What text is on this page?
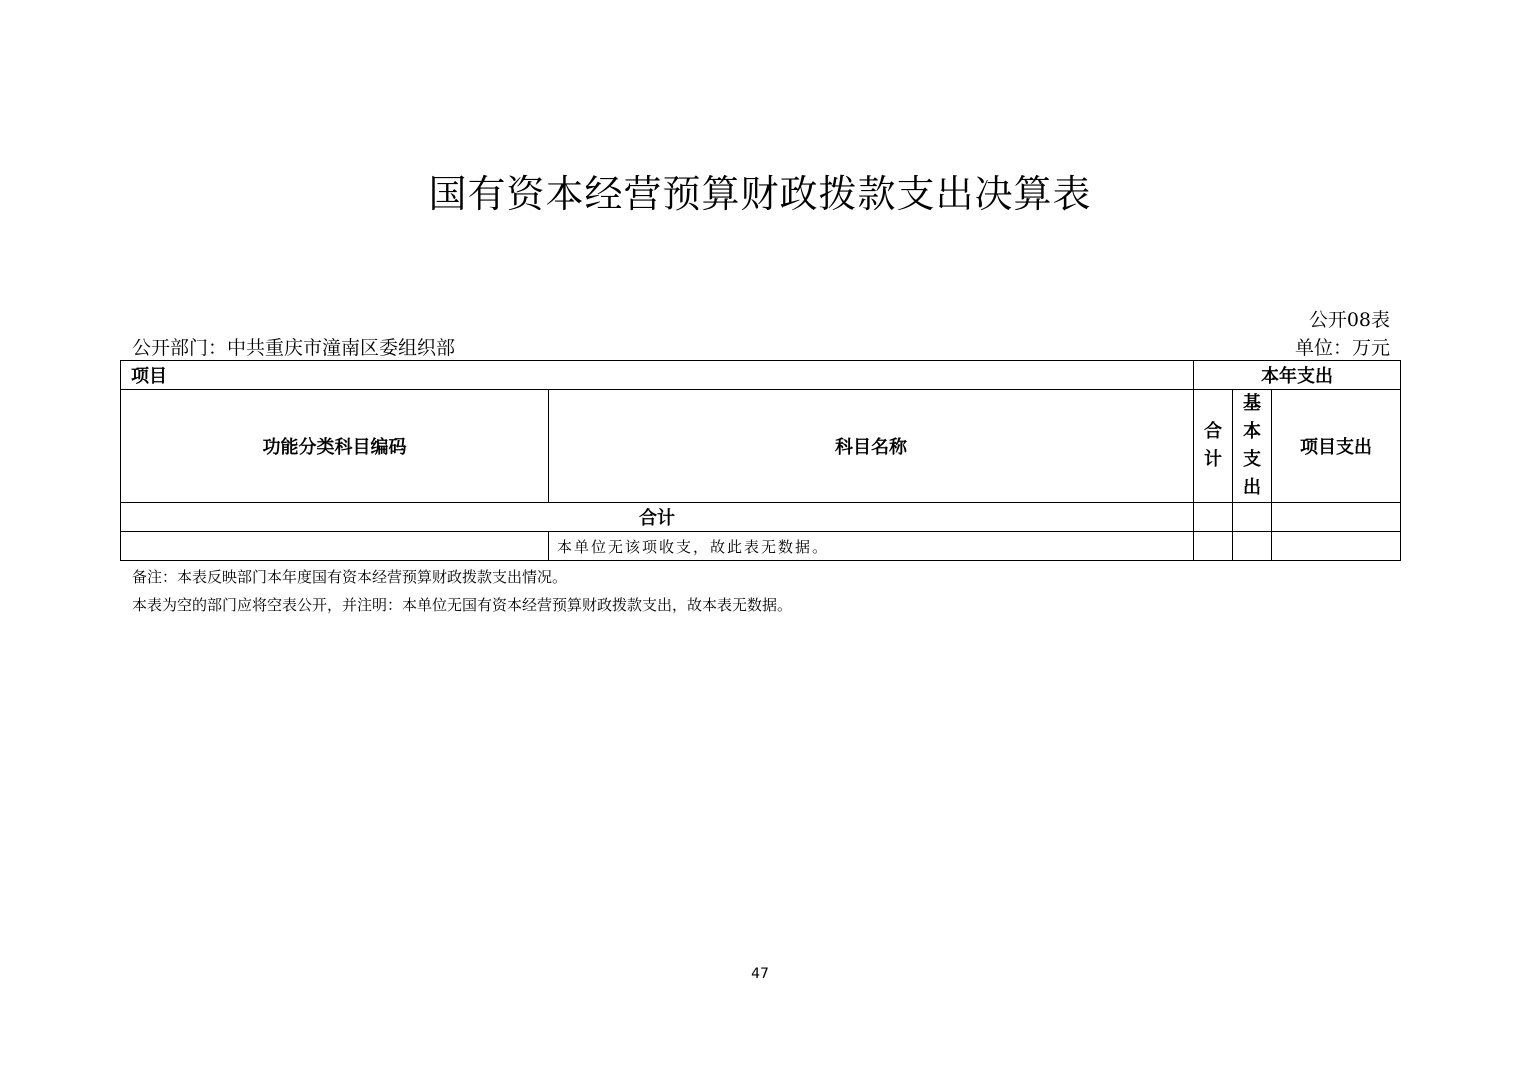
国有资本经营预算财政拨款支出决算表
公开08表
单位：万元
公开部门：中共重庆市潼南区委组织部
项目		本年支出		
功能分类科目编码	科目名称	合计	基本支出	项目支出
合计				
	本单位无该项收支，故此表无数据。			
备注：本表反映部门本年度国有资本经营预算财政拨款支出情况。
本表为空的部门应将空表公开，并注明：本单位无国有资本经营预算财政拨款支出，故本表无数据。
47
